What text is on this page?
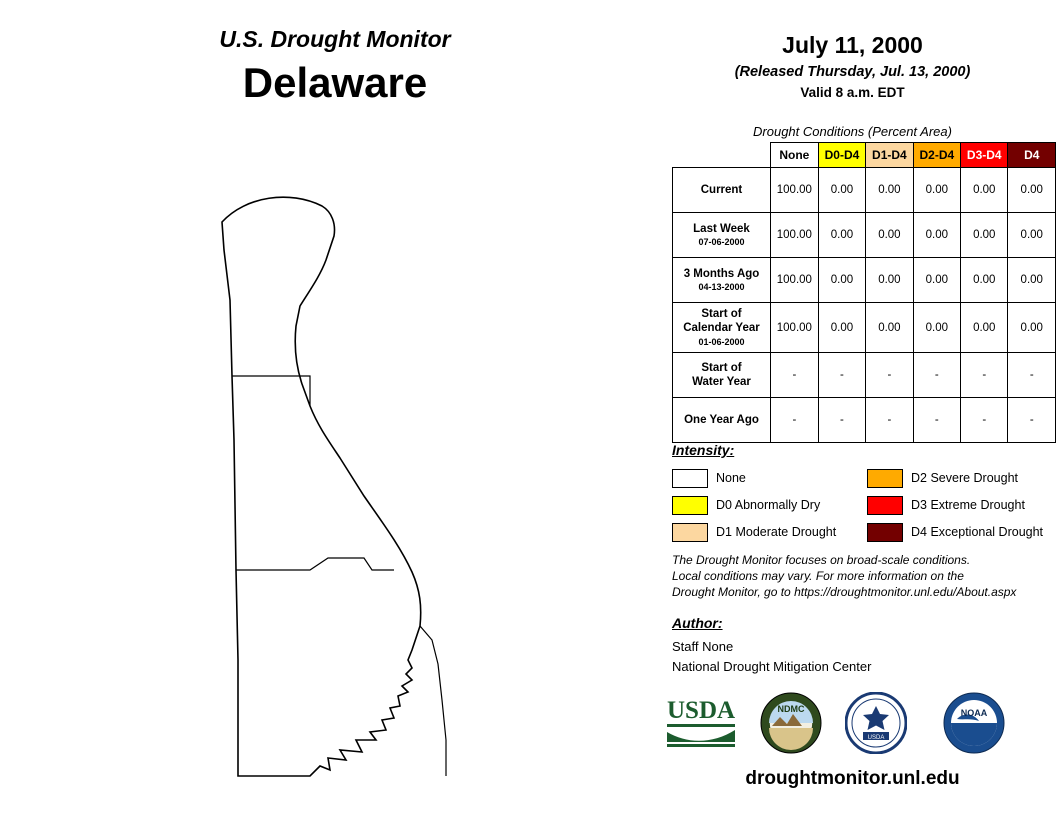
U.S. Drought Monitor
Delaware
July 11, 2000
(Released Thursday, Jul. 13, 2000)
Valid 8 a.m. EDT
Drought Conditions (Percent Area)
	None	D0-D4	D1-D4	D2-D4	D3-D4	D4
Current	100.00	0.00	0.00	0.00	0.00	0.00
Last Week
07-06-2000	100.00	0.00	0.00	0.00	0.00	0.00
3 Months Ago
04-13-2000	100.00	0.00	0.00	0.00	0.00	0.00
Start of
Calendar Year
01-06-2000	100.00	0.00	0.00	0.00	0.00	0.00
Start of
Water Year	-	-	-	-	-	-
One Year Ago	-	-	-	-	-	-
Intensity:
None
D0 Abnormally Dry
D1 Moderate Drought
D2 Severe Drought
D3 Extreme Drought
D4 Exceptional Drought
The Drought Monitor focuses on broad-scale conditions.
Local conditions may vary. For more information on the
Drought Monitor, go to https://droughtmonitor.unl.edu/About.aspx
Author:
Staff None
National Drought Mitigation Center
USDA	NDMC
USDA
NOAA
droughtmonitor.unl.edu
